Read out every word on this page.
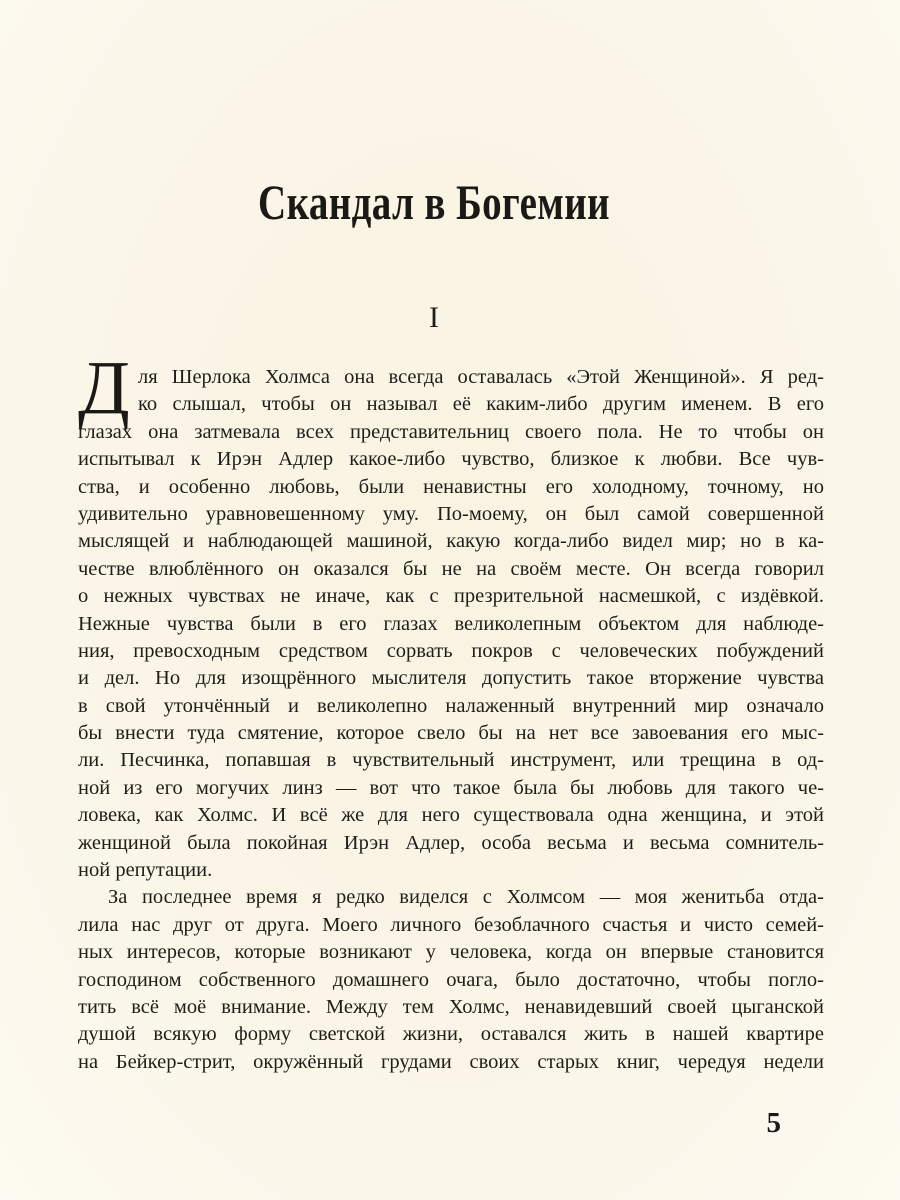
Скандал в Богемии
I
Д ля Шерлока Холмса она всегда оставалась «Этой Женщиной». Я ред-
ко слышал, чтобы он называл её каким-либо другим именем. В его
глазах она затмевала всех представительниц своего пола. Не то чтобы он
испытывал к Ирэн Адлер какое-либо чувство, близкое к любви. Все чув-
ства, и особенно любовь, были ненавистны его холодному, точному, но
удивительно уравновешенному уму. По-моему, он был самой совершенной
мыслящей и наблюдающей машиной, какую когда-либо видел мир; но в ка-
честве влюблённого он оказался бы не на своём месте. Он всегда говорил
о нежных чувствах не иначе, как с презрительной насмешкой, с издёвкой.
Нежные чувства были в его глазах великолепным объектом для наблюде-
ния, превосходным средством сорвать покров с человеческих побуждений
и дел. Но для изощрённого мыслителя допустить такое вторжение чувства
в свой утончённый и великолепно налаженный внутренний мир означало
бы внести туда смятение, которое свело бы на нет все завоевания его мыс-
ли. Песчинка, попавшая в чувствительный инструмент, или трещина в од-
ной из его могучих линз — вот что такое была бы любовь для такого че-
ловека, как Холмс. И всё же для него существовала одна женщина, и этой
женщиной была покойная Ирэн Адлер, особа весьма и весьма сомнитель-
ной репутации.
За последнее время я редко виделся с Холмсом — моя женитьба отда-
лила нас друг от друга. Моего личного безоблачного счастья и чисто семей-
ных интересов, которые возникают у человека, когда он впервые становится
господином собственного домашнего очага, было достаточно, чтобы погло-
тить всё моё внимание. Между тем Холмс, ненавидевший своей цыганской
душой всякую форму светской жизни, оставался жить в нашей квартире
на Бейкер-стрит, окружённый грудами своих старых книг, чередуя недели
5
